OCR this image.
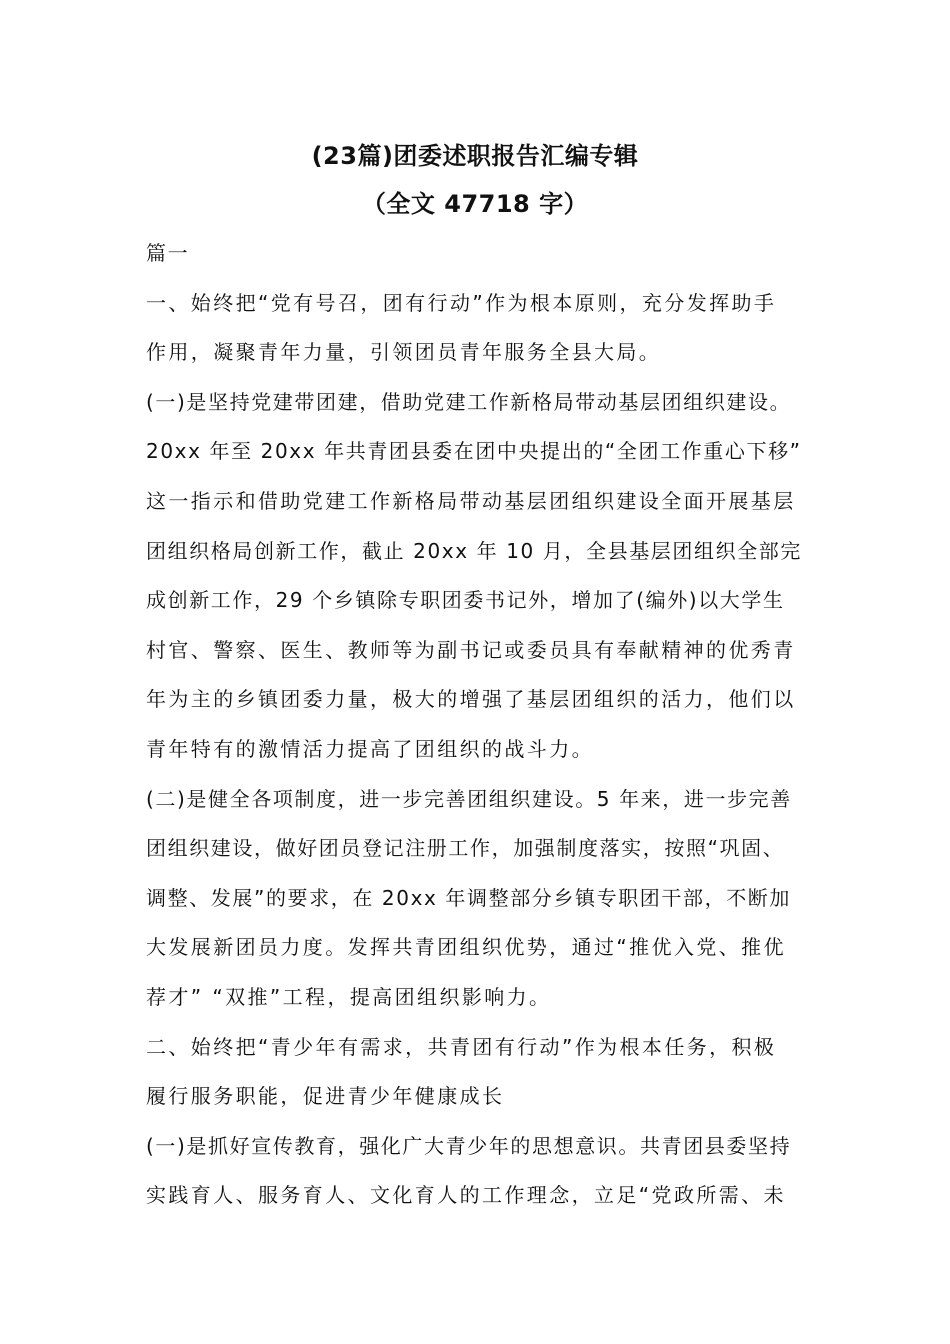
(23篇)团委述职报告汇编专辑
（全文 47718 字）
篇一
一、始终把“党有号召，团有行动”作为根本原则，充分发挥助手
作用，凝聚青年力量，引领团员青年服务全县大局。
(一)是坚持党建带团建，借助党建工作新格局带动基层团组织建设。
20xx 年至 20xx 年共青团县委在团中央提出的“全团工作重心下移”
这一指示和借助党建工作新格局带动基层团组织建设全面开展基层
团组织格局创新工作，截止 20xx 年 10 月，全县基层团组织全部完
成创新工作，29 个乡镇除专职团委书记外，增加了(编外)以大学生
村官、警察、医生、教师等为副书记或委员具有奉献精神的优秀青
年为主的乡镇团委力量，极大的增强了基层团组织的活力，他们以
青年特有的激情活力提高了团组织的战斗力。
(二)是健全各项制度，进一步完善团组织建设。5 年来，进一步完善
团组织建设，做好团员登记注册工作，加强制度落实，按照“巩固、
调整、发展”的要求，在 20xx 年调整部分乡镇专职团干部，不断加
大发展新团员力度。发挥共青团组织优势，通过“推优入党、推优
荐才” “双推”工程，提高团组织影响力。
二、始终把“青少年有需求，共青团有行动”作为根本任务，积极
履行服务职能，促进青少年健康成长
(一)是抓好宣传教育，强化广大青少年的思想意识。共青团县委坚持
实践育人、服务育人、文化育人的工作理念，立足“党政所需、未
